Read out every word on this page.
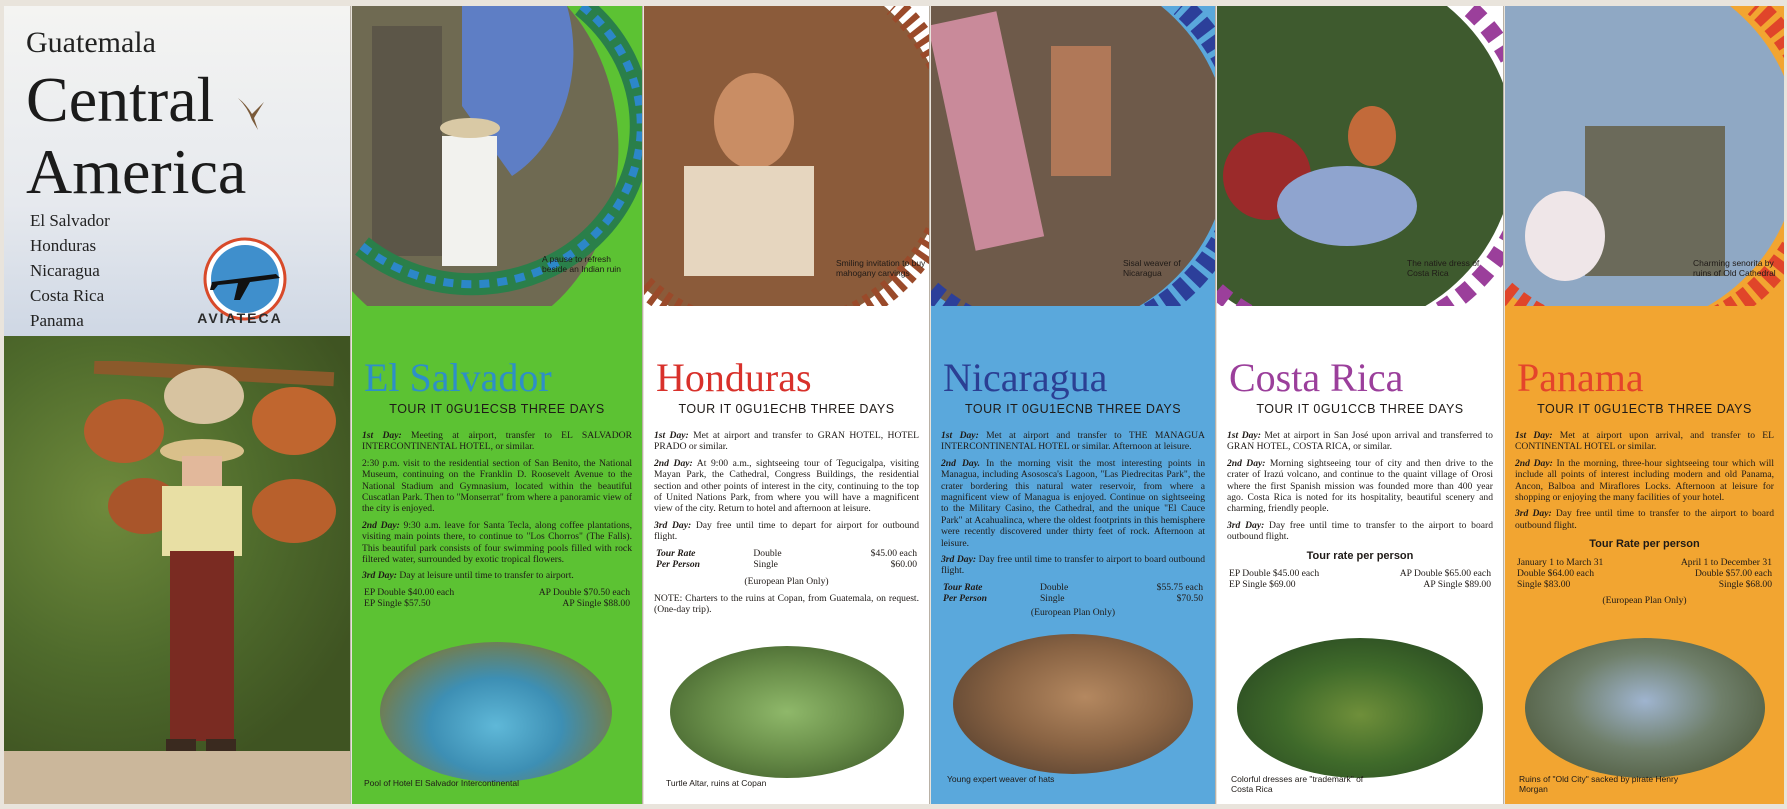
Guatemala
Central
America
El Salvador
Honduras
Nicaragua
Costa Rica
Panama	AVIATECA
A pause to refresh beside an Indian ruin
El Salvador
TOUR IT 0GU1ECSB THREE DAYS

1st Day: Meeting at airport, transfer to EL SALVADOR INTERCONTINENTAL HOTEL, or similar.

2:30 p.m. visit to the residential section of San Benito, the National Museum, continuing on the Franklin D. Roosevelt Avenue to the National Stadium and Gymnasium, located within the beautiful Cuscatlan Park. Then to "Monserrat" from where a panoramic view of the city is enjoyed.

2nd Day: 9:30 a.m. leave for Santa Tecla, along coffee plantations, visiting main points there, to continue to "Los Chorros" (The Falls). This beautiful park consists of four swimming pools filled with rock filtered water, surrounded by exotic tropical flowers.

3rd Day: Day at leisure until time to transfer to airport.

EP Double $40.00 each	AP Double $70.50 each
EP Single $57.50	AP Single $88.00
Pool of Hotel El Salvador Intercontinental
Smiling invitation to buy mahogany carvings
Honduras
TOUR IT 0GU1ECHB THREE DAYS

1st Day: Met at airport and transfer to GRAN HOTEL, HOTEL PRADO or similar.

2nd Day: At 9:00 a.m., sightseeing tour of Tegucigalpa, visiting Mayan Park, the Cathedral, Congress Buildings, the residential section and other points of interest in the city, continuing to the top of United Nations Park, from where you will have a magnificent view of the city. Return to hotel and afternoon at leisure.

3rd Day: Day free until time to depart for airport for outbound flight.

Tour Rate	Double	$45.00 each
Per Person	Single	$60.00

(European Plan Only)

NOTE: Charters to the ruins at Copan, from Guatemala, on request. (One-day trip).

Turtle Altar, ruins at Copan
Sisal weaver of Nicaragua
Nicaragua
TOUR IT 0GU1ECNB THREE DAYS

1st Day: Met at airport and transfer to THE MANAGUA INTERCONTINENTAL HOTEL or similar. Afternoon at leisure.

2nd Day. In the morning visit the most interesting points in Managua, including Asososca's Lagoon, "Las Piedrecitas Park", the crater bordering this natural water reservoir, from where a magnificent view of Managua is enjoyed. Continue on sightseeing to the Military Casino, the Cathedral, and the unique "El Cauce Park" at Acahualinca, where the oldest footprints in this hemisphere were recently discovered under thirty feet of rock. Afternoon at leisure.

3rd Day: Day free until time to transfer to airport to board outbound flight.

Tour Rate	Double	$55.75 each
Per Person	Single	$70.50

(European Plan Only)

Young expert weaver of hats
The native dress of Costa Rica
Costa Rica
TOUR IT 0GU1CCB THREE DAYS

1st Day: Met at airport in San José upon arrival and transferred to GRAN HOTEL, COSTA RICA, or similar.

2nd Day: Morning sightseeing tour of city and then drive to the crater of Irazú volcano, and continue to the quaint village of Orosi where the first Spanish mission was founded more than 400 year ago. Costa Rica is noted for its hospitality, beautiful scenery and charming, friendly people.

3rd Day: Day free until time to transfer to the airport to board outbound flight.

Tour rate per person
EP Double $45.00 each	AP Double $65.00 each
EP Single $69.00	AP Single $89.00
Colorful dresses are "trademark" of Costa Rica
Charming senorita by ruins of Old Cathedral
Panama
TOUR IT 0GU1ECTB THREE DAYS

1st Day: Met at airport upon arrival, and transfer to EL CONTINENTAL HOTEL or similar.

2nd Day: In the morning, three-hour sightseeing tour which will include all points of interest including modern and old Panama, Ancon, Balboa and Miraflores Locks. Afternoon at leisure for shopping or enjoying the many facilities of your hotel.

3rd Day: Day free until time to transfer to the airport to board outbound flight.

Tour Rate per person
January 1 to March 31	April 1 to December 31
Double $64.00 each	Double $57.00 each
Single $83.00	Single $68.00

(European Plan Only)

Ruins of "Old City" sacked by pirate Henry Morgan
